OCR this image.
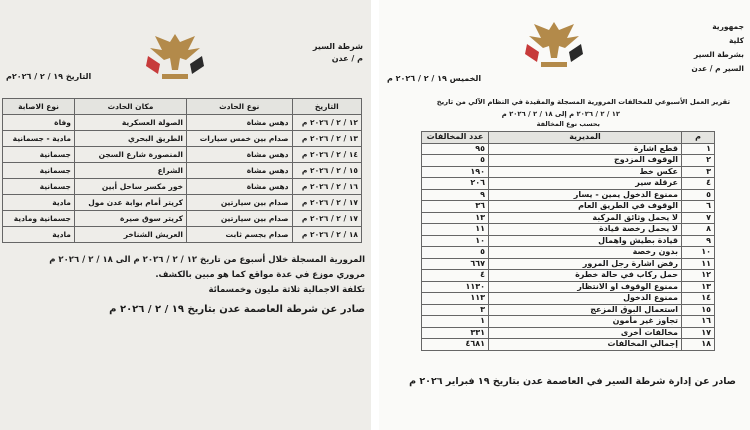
شرطة السير
م / عدن
التاريخ ١٩ / ٢ / ٢٠٢٦م
التاريخ	نوع الحادث	مكان الحادث	نوع الاصابة
١٢ / ٢ / ٢٠٢٦ م	دهس مشاة	الصولة العسكرية	وفاة
١٣ / ٢ / ٢٠٢٦ م	صدام بين خمس سيارات	الطريق البحري	مادية - جسمانية
١٤ / ٢ / ٢٠٢٦ م	دهس مشاة	المنصورة شارع السجن	جسمانية
١٥ / ٢ / ٢٠٢٦ م	دهس مشاة	الشراع	جسمانية
١٦ / ٢ / ٢٠٢٦ م	دهس مشاة	خور مكسر ساحل أبين	جسمانية
١٧ / ٢ / ٢٠٢٦ م	صدام بين سيارتين	كريتر أمام بوابة عدن مول	مادية
١٧ / ٢ / ٢٠٢٦ م	صدام بين سيارتين	كريتر سوق صيرة	جسمانية ومادية
١٨ / ٢ / ٢٠٢٦ م	صدام بجسم ثابت	العريش الشناخر	مادية
المرورية المسجلة خلال أسبوع من تاريخ ١٢ / ٢ / ٢٠٢٦ م الى ١٨ / ٢ / ٢٠٢٦ م
مروري موزع في عدة مواقع كما هو مبين بالكشف.
تكلفة الاجمالية ثلاثة مليون وخمسمائة
صادر عن شرطة العاصمة عدن بتاريخ ١٩ / ٢ / ٢٠٢٦ م
جمهورية
كلية
بشرطة السير
السير م / عدن
الخميس ١٩ / ٢ / ٢٠٢٦ م
تقرير العمل الأسبوعي للمخالفات المرورية المسجلة والمقيدة في النظام الآلي من تاريخ
١٢ / ٢ / ٢٠٢٦ م إلى ١٨ / ٢ / ٢٠٢٦ م
بحسب نوع المخالفة
م	المديرية	عدد المخالفات
١	قطع اشارة	٩٥
٢	الوقوف المزدوج	٥
٣	عكس خط	١٩٠
٤	عرقلة سير	٢٠٦
٥	ممنوع الدخول يمين - يسار	٩
٦	الوقوف في الطريق العام	٣٦
٧	لا يحمل وثائق المركبة	١٣
٨	لا يحمل رخصة قيادة	١١
٩	قيادة بطيش واهمال	١٠
١٠	بدون رخصة	٥
١١	رفض اشارة رجل المرور	٦٦٧
١٢	حمل ركاب في حالة خطرة	٤
١٣	ممنوع الوقوف او الانتظار	١١٣٠
١٤	ممنوع الدخول	١١٣
١٥	استعمال البوق المزعج	٣
١٦	تجاوز غير مأمون	١
١٧	مخالفات أخرى	٣٣١
١٨	إجمالي المخالفات	٤٦٨١
صادر عن إدارة شرطة السير في العاصمة عدن بتاريخ ١٩ فبراير ٢٠٢٦ م
